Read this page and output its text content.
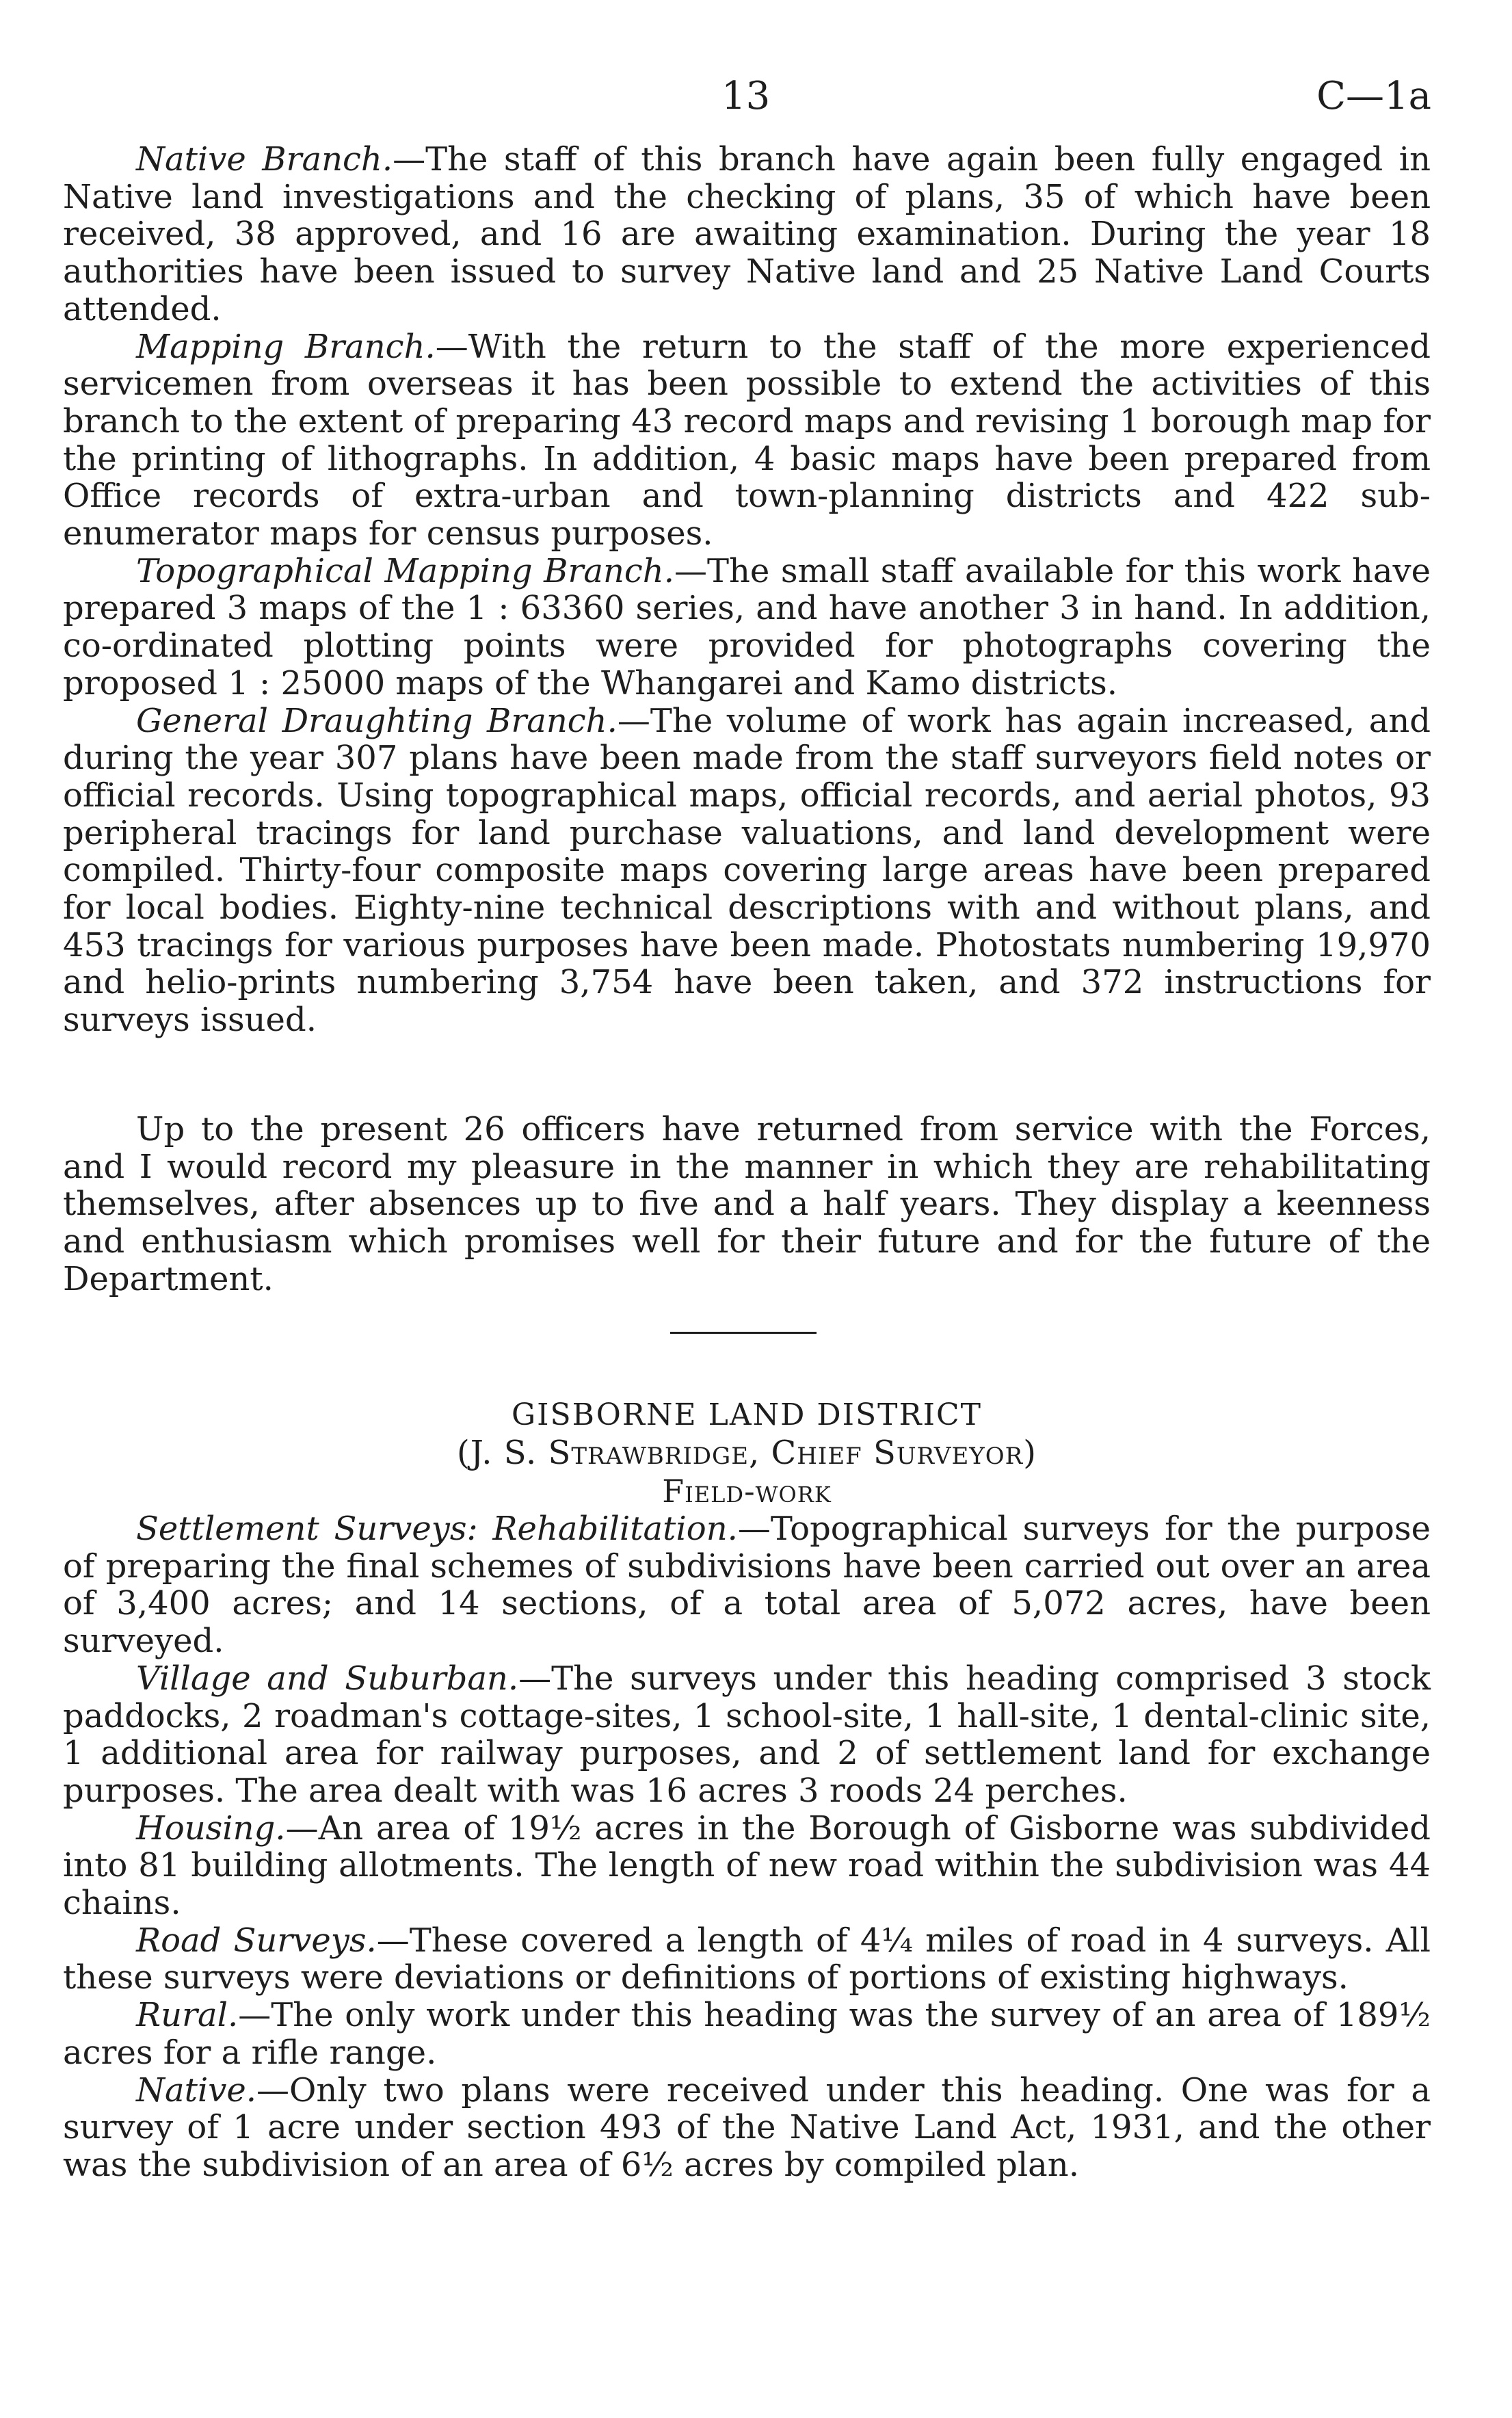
13	C—1a

Native Branch.—The staff of this branch have again been fully engaged in Native land investigations and the checking of plans, 35 of which have been received, 38 approved, and 16 are awaiting examination. During the year 18 authorities have been issued to survey Native land and 25 Native Land Courts attended.

Mapping Branch.—With the return to the staff of the more experienced servicemen from overseas it has been possible to extend the activities of this branch to the extent of preparing 43 record maps and revising 1 borough map for the printing of lithographs. In addition, 4 basic maps have been prepared from Office records of extra-urban and town-planning districts and 422 sub-enumerator maps for census purposes.

Topographical Mapping Branch.—The small staff available for this work have prepared 3 maps of the 1 : 63360 series, and have another 3 in hand. In addition, co-ordinated plotting points were provided for photographs covering the proposed 1 : 25000 maps of the Whangarei and Kamo districts.

General Draughting Branch.—The volume of work has again increased, and during the year 307 plans have been made from the staff surveyors field notes or official records. Using topographical maps, official records, and aerial photos, 93 peripheral tracings for land purchase valuations, and land development were compiled. Thirty-four composite maps covering large areas have been prepared for local bodies. Eighty-nine technical descriptions with and without plans, and 453 tracings for various purposes have been made. Photostats numbering 19,970 and helio-prints numbering 3,754 have been taken, and 372 instructions for surveys issued.

Up to the present 26 officers have returned from service with the Forces, and I would record my pleasure in the manner in which they are rehabilitating themselves, after absences up to five and a half years. They display a keenness and enthusiasm which promises well for their future and for the future of the Department.

GISBORNE LAND DISTRICT
(J. S. Strawbridge, Chief Surveyor)
Field-work

Settlement Surveys: Rehabilitation.—Topographical surveys for the purpose of preparing the final schemes of subdivisions have been carried out over an area of 3,400 acres; and 14 sections, of a total area of 5,072 acres, have been surveyed.

Village and Suburban.—The surveys under this heading comprised 3 stock paddocks, 2 roadman's cottage-sites, 1 school-site, 1 hall-site, 1 dental-clinic site, 1 additional area for railway purposes, and 2 of settlement land for exchange purposes. The area dealt with was 16 acres 3 roods 24 perches.

Housing.—An area of 19½ acres in the Borough of Gisborne was subdivided into 81 building allotments. The length of new road within the subdivision was 44 chains.

Road Surveys.—These covered a length of 4¼ miles of road in 4 surveys. All these surveys were deviations or definitions of portions of existing highways.

Rural.—The only work under this heading was the survey of an area of 189½ acres for a rifle range.

Native.—Only two plans were received under this heading. One was for a survey of 1 acre under section 493 of the Native Land Act, 1931, and the other was the subdivision of an area of 6½ acres by compiled plan.
